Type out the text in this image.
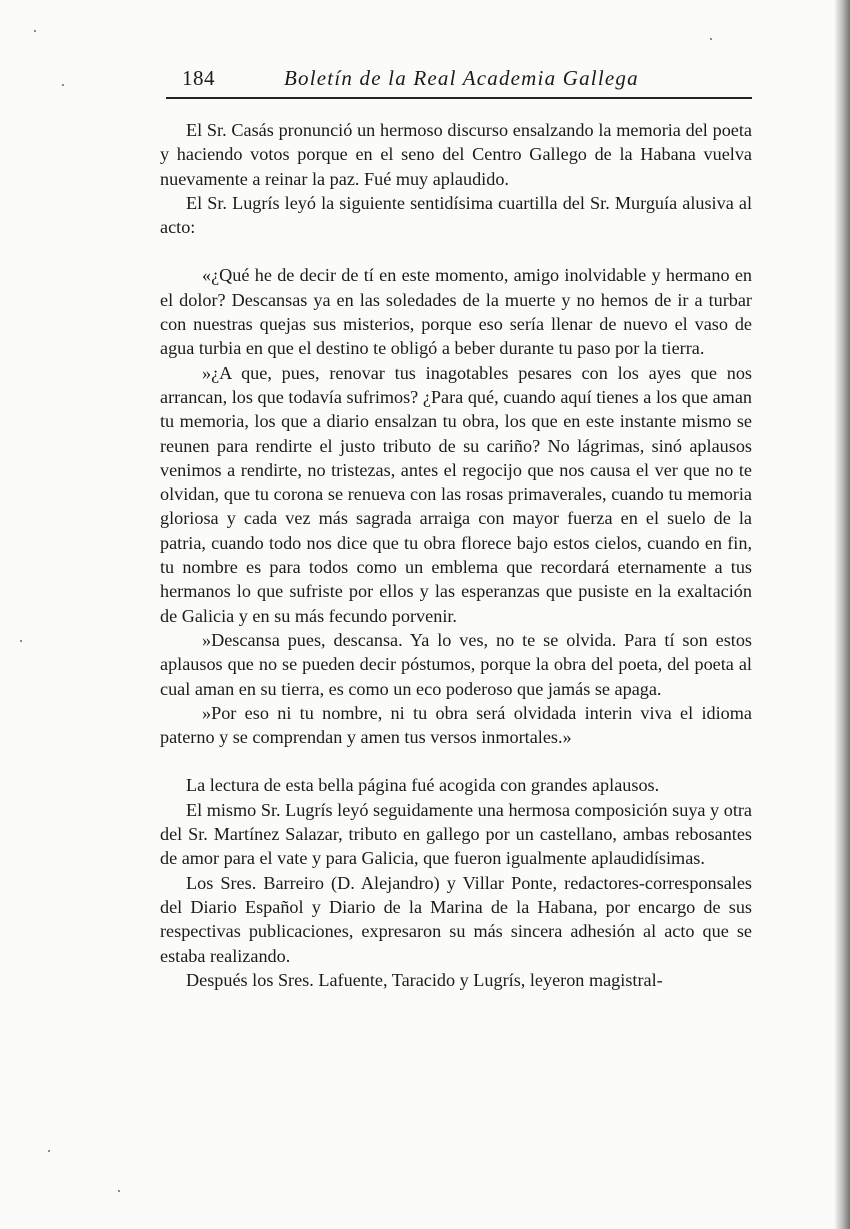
184	Boletín de la Real Academia Gallega

El Sr. Casás pronunció un hermoso discurso ensalzando la memoria del poeta y haciendo votos porque en el seno del Centro Gallego de la Habana vuelva nuevamente a reinar la paz. Fué muy aplaudido.

El Sr. Lugrís leyó la siguiente sentidísima cuartilla del Sr. Murguía alusiva al acto:

«¿Qué he de decir de tí en este momento, amigo inolvidable y hermano en el dolor? Descansas ya en las soledades de la muerte y no hemos de ir a turbar con nuestras quejas sus misterios, porque eso sería llenar de nuevo el vaso de agua turbia en que el destino te obligó a beber durante tu paso por la tierra.

»¿A que, pues, renovar tus inagotables pesares con los ayes que nos arrancan, los que todavía sufrimos? ¿Para qué, cuando aquí tienes a los que aman tu memoria, los que a diario ensalzan tu obra, los que en este instante mismo se reunen para rendirte el justo tributo de su cariño? No lágrimas, sinó aplausos venimos a rendirte, no tristezas, antes el regocijo que nos causa el ver que no te olvidan, que tu corona se renueva con las rosas primaverales, cuando tu memoria gloriosa y cada vez más sagrada arraiga con mayor fuerza en el suelo de la patria, cuando todo nos dice que tu obra florece bajo estos cielos, cuando en fin, tu nombre es para todos como un emblema que recordará eternamente a tus hermanos lo que sufriste por ellos y las esperanzas que pusiste en la exaltación de Galicia y en su más fecundo porvenir.

»Descansa pues, descansa. Ya lo ves, no te se olvida. Para tí son estos aplausos que no se pueden decir póstumos, porque la obra del poeta, del poeta al cual aman en su tierra, es como un eco poderoso que jamás se apaga.

»Por eso ni tu nombre, ni tu obra será olvidada interin viva el idioma paterno y se comprendan y amen tus versos inmortales.»

La lectura de esta bella página fué acogida con grandes aplausos.

El mismo Sr. Lugrís leyó seguidamente una hermosa composición suya y otra del Sr. Martínez Salazar, tributo en gallego por un castellano, ambas rebosantes de amor para el vate y para Galicia, que fueron igualmente aplaudidísimas.

Los Sres. Barreiro (D. Alejandro) y Villar Ponte, redactores-corresponsales del Diario Español y Diario de la Marina de la Habana, por encargo de sus respectivas publicaciones, expresaron su más sincera adhesión al acto que se estaba realizando.

Después los Sres. Lafuente, Taracido y Lugrís, leyeron magistral-
